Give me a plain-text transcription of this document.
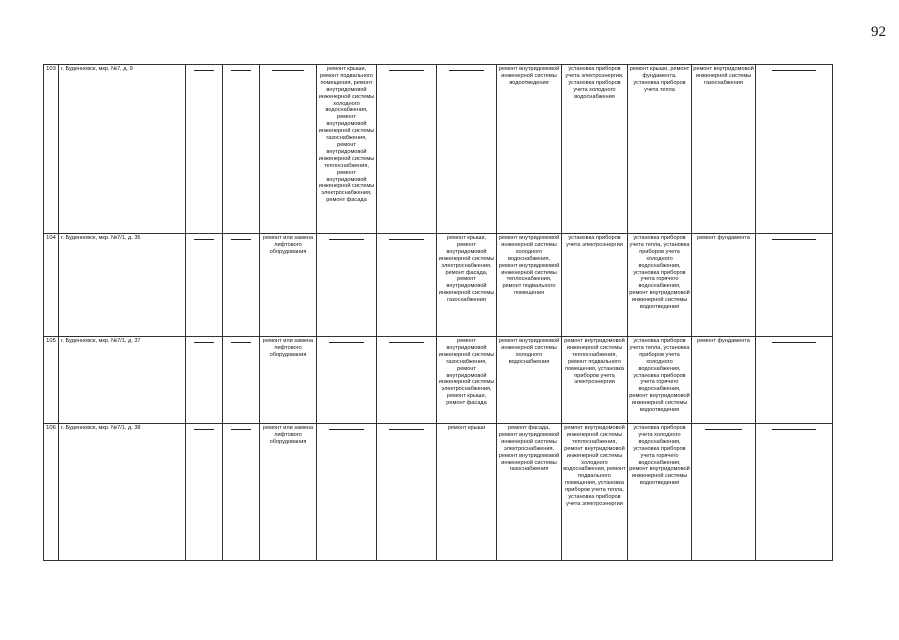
92
103	г. Буденновск, мкр. №7, д. 9				ремонт крыши, ремонт подвального помещения, ремонт внутридомовой инженерной системы холодного водоснабжения, ремонт внутридомовой инженерной системы газоснабжения, ремонт внутридомовой инженерной системы теплоснабжения, ремонт внутридомовой инженерной системы электроснабжения, ремонт фасада			ремонт внутридомовой инженерной системы водоотведения	установка приборов учета электроэнергии, установка приборов учета холодного водоснабжения	ремонт крыши, ремонт фундамента, установка приборов учета тепла	ремонт внутридомовой инженерной системы газоснабжения	

104	г. Буденновск, мкр. №7/1, д. 35			ремонт или замена лифтового оборудования			ремонт крыши, ремонт внутридомовой инженерной системы электроснабжения, ремонт фасада, ремонт внутридомовой инженерной системы газоснабжения	ремонт внутридомовой инженерной системы холодного водоснабжения, ремонт внутридомовой инженерной системы теплоснабжения, ремонт подвального помещения	установка приборов учета электроэнергии	установка приборов учета тепла, установка приборов учета холодного водоснабжения, установка приборов учета горячего водоснабжения, ремонт внутридомовой инженерной системы водоотведения	ремонт фундамента	

105	г. Буденновск, мкр. №7/1, д. 37			ремонт или замена лифтового оборудования			ремонт внутридомовой инженерной системы газоснабжения, ремонт внутридомовой инженерной системы электроснабжения, ремонт крыши, ремонт фасада	ремонт внутридомовой инженерной системы холодного водоснабжения	ремонт внутридомовой инженерной системы теплоснабжения, ремонт подвального помещения, установка приборов учета электроэнергии	установка приборов учета тепла, установка приборов учета холодного водоснабжения, установка приборов учета горячего водоснабжения, ремонт внутридомовой инженерной системы водоотведения	ремонт фундамента	

106	г. Буденновск, мкр. №7/1, д. 38			ремонт или замена лифтового оборудования			ремонт крыши	ремонт фасада, ремонт внутридомовой инженерной системы электроснабжения, ремонт внутридомовой инженерной системы газоснабжения	ремонт внутридомовой инженерной системы теплоснабжения, ремонт внутридомовой инженерной системы холодного водоснабжения, ремонт подвального помещения, установка приборов учета тепла, установка приборов учета электроэнергии	установка приборов учета холодного водоснабжения, установка приборов учета горячего водоснабжения, ремонт внутридомовой инженерной системы водоотведения	
